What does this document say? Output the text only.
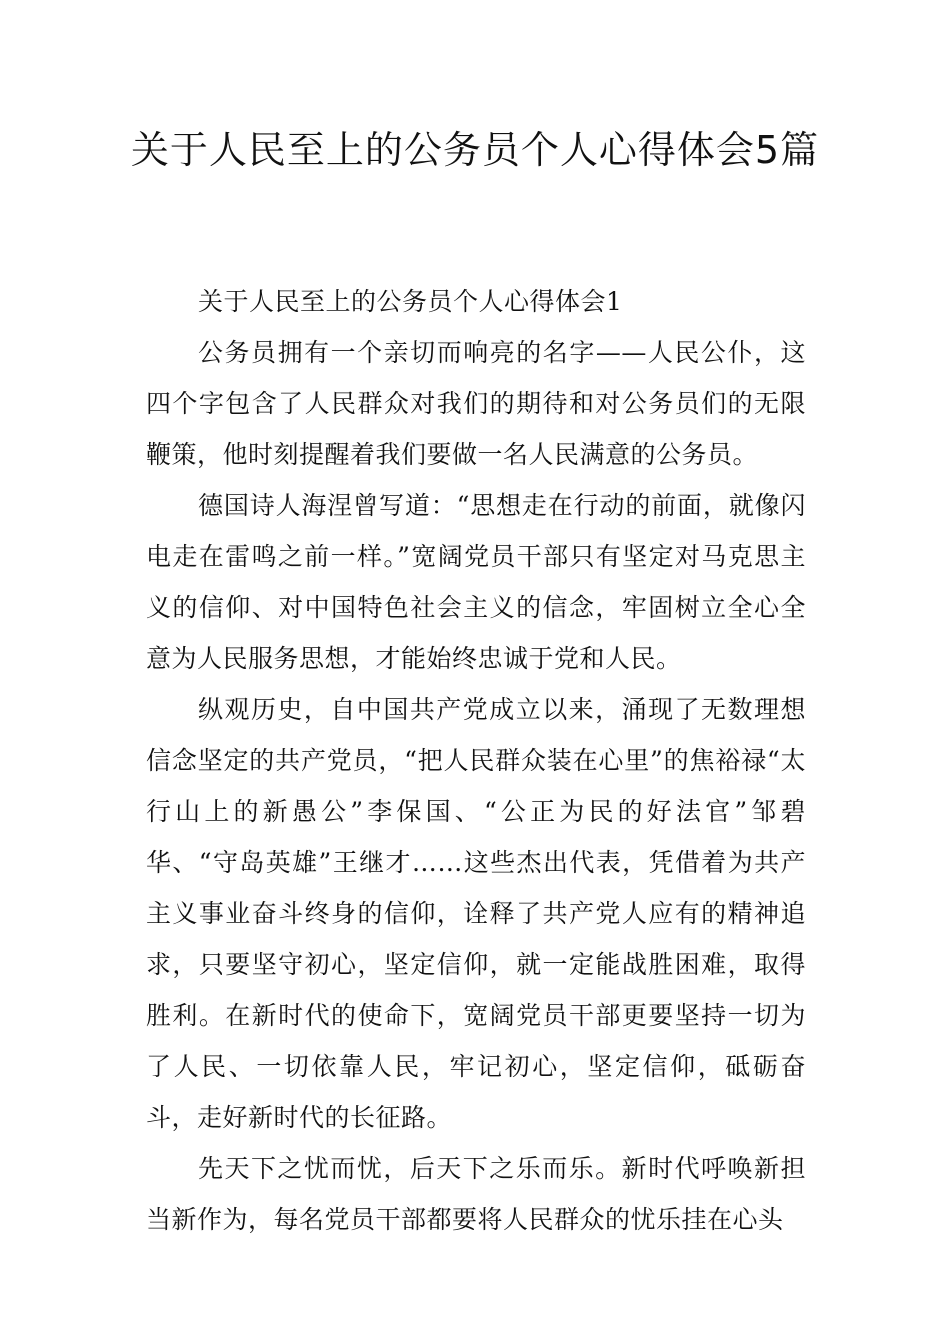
关于人民至上的公务员个人心得体会5篇

关于人民至上的公务员个人心得体会1

公务员拥有一个亲切而响亮的名字——人民公仆，这四个字包含了人民群众对我们的期待和对公务员们的无限鞭策，他时刻提醒着我们要做一名人民满意的公务员。

德国诗人海涅曾写道：“思想走在行动的前面，就像闪电走在雷鸣之前一样。”宽阔党员干部只有坚定对马克思主义的信仰、对中国特色社会主义的信念，牢固树立全心全意为人民服务思想，才能始终忠诚于党和人民。

纵观历史，自中国共产党成立以来，涌现了无数理想信念坚定的共产党员，“把人民群众装在心里”的焦裕禄“太行山上的新愚公”李保国、“公正为民的好法官”邹碧华、“守岛英雄”王继才……这些杰出代表，凭借着为共产主义事业奋斗终身的信仰，诠释了共产党人应有的精神追求，只要坚守初心，坚定信仰，就一定能战胜困难，取得胜利。在新时代的使命下，宽阔党员干部更要坚持一切为了人民、一切依靠人民，牢记初心，坚定信仰，砥砺奋斗，走好新时代的长征路。

先天下之忧而忧，后天下之乐而乐。新时代呼唤新担当新作为，每名党员干部都要将人民群众的忧乐挂在心头
